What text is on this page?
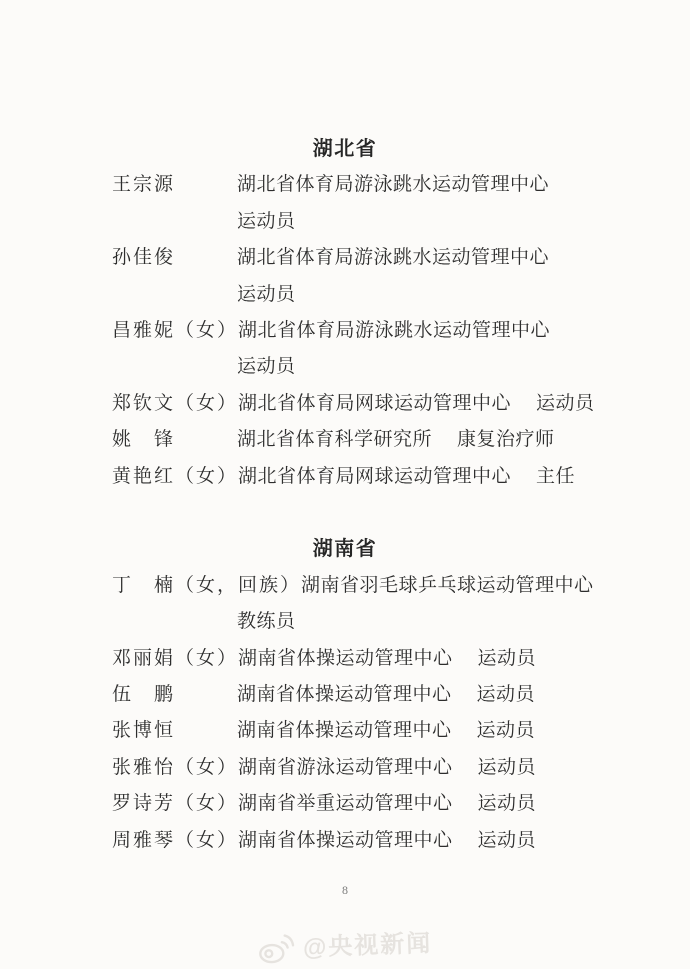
湖北省
王宗源	湖北省体育局游泳跳水运动管理中心
运动员
孙佳俊	湖北省体育局游泳跳水运动管理中心
运动员
昌雅妮（女）湖北省体育局游泳跳水运动管理中心
运动员
郑钦文（女）湖北省体育局网球运动管理中心 运动员
姚　锋	湖北省体育科学研究所 康复治疗师
黄艳红（女）湖北省体育局网球运动管理中心 主任
湖南省
丁　楠（女，回族）湖南省羽毛球乒乓球运动管理中心
教练员
邓丽娟（女）湖南省体操运动管理中心 运动员
伍　鹏	湖南省体操运动管理中心 运动员
张博恒	湖南省体操运动管理中心 运动员
张雅怡（女）湖南省游泳运动管理中心 运动员
罗诗芳（女）湖南省举重运动管理中心 运动员
周雅琴（女）湖南省体操运动管理中心 运动员
8
@央视新闻
